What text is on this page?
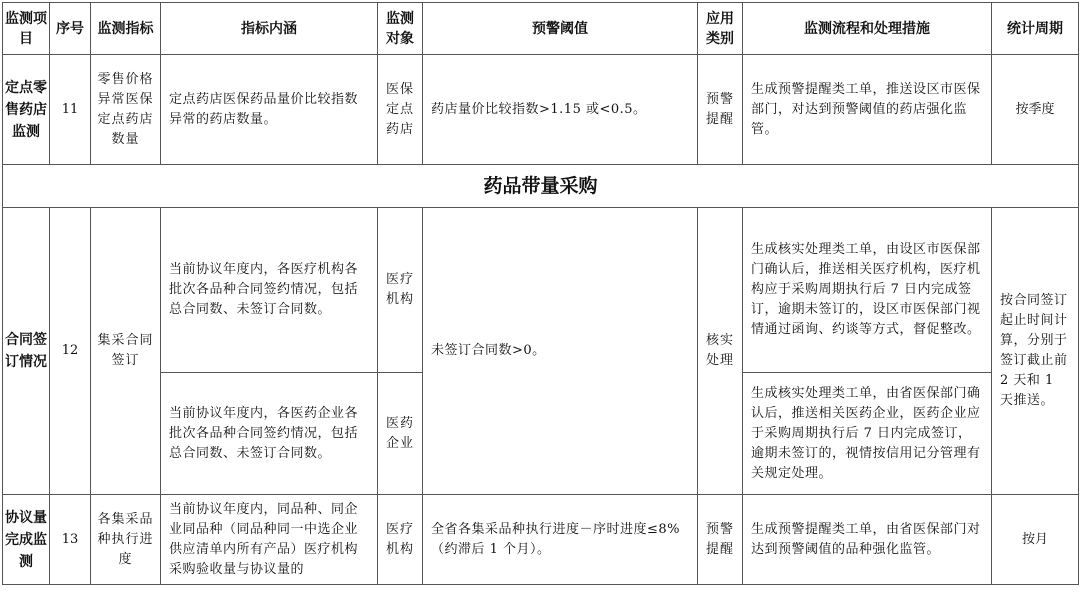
监测项目	序号	监测指标	指标内涵	监测对象	预警阈值	应用类别	监测流程和处理措施	统计周期
定点零售药店监测	11	零售价格异常医保定点药店数量	定点药店医保药品量价比较指数异常的药店数量。	医保定点药店	药店量价比较指数>1.15 或<0.5。	预警提醒	生成预警提醒类工单，推送设区市医保部门，对达到预警阈值的药店强化监管。	按季度
药品带量采购								
合同签订情况	12	集采合同签订	当前协议年度内，各医疗机构各批次各品种合同签约情况，包括总合同数、未签订合同数。	医疗机构	未签订合同数>0。	核实处理	生成核实处理类工单，由设区市医保部门确认后，推送相关医疗机构，医疗机构应于采购周期执行后 7 日内完成签订，逾期未签订的，设区市医保部门视情通过函询、约谈等方式，督促整改。	按合同签订起止时间计算，分别于签订截止前 2 天和 1 天推送。
			当前协议年度内，各医药企业各批次各品种合同签约情况，包括总合同数、未签订合同数。	医药企业			生成核实处理类工单，由省医保部门确认后，推送相关医药企业，医药企业应于采购周期执行后 7 日内完成签订，逾期未签订的，视情按信用记分管理有关规定处理。	
协议量完成监测	13	各集采品种执行进度	当前协议年度内，同品种、同企业同品种（同品种同一中选企业供应清单内所有产品）医疗机构采购验收量与协议量的	医疗机构	全省各集采品种执行进度－序时进度≤8%（约滞后 1 个月）。	预警提醒	生成预警提醒类工单，由省医保部门对达到预警阈值的品种强化监管。	按月
